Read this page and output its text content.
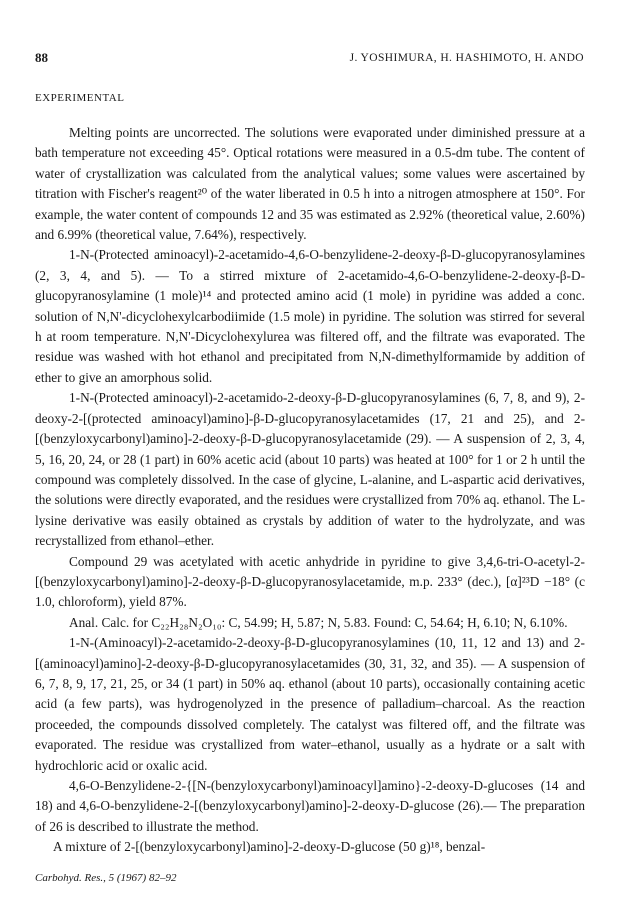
88	J. YOSHIMURA, H. HASHIMOTO, H. ANDO
EXPERIMENTAL

Melting points are uncorrected. The solutions were evaporated under diminished pressure at a bath temperature not exceeding 45°. Optical rotations were measured in a 0.5-dm tube. The content of water of crystallization was calculated from the analytical values; some values were ascertained by titration with Fischer's reagent²⁰ of the water liberated in 0.5 h into a nitrogen atmosphere at 150°. For example, the water content of compounds 12 and 35 was estimated as 2.92% (theoretical value, 2.60%) and 6.99% (theoretical value, 7.64%), respectively.

1-N-(Protected aminoacyl)-2-acetamido-4,6-O-benzylidene-2-deoxy-β-D-glucopyranosylamines (2, 3, 4, and 5). — To a stirred mixture of 2-acetamido-4,6-O-benzylidene-2-deoxy-β-D-glucopyranosylamine (1 mole)¹⁴ and protected amino acid (1 mole) in pyridine was added a conc. solution of N,N'-dicyclohexylcarbodiimide (1.5 mole) in pyridine. The solution was stirred for several h at room temperature. N,N'-Dicyclohexylurea was filtered off, and the filtrate was evaporated. The residue was washed with hot ethanol and precipitated from N,N-dimethylformamide by addition of ether to give an amorphous solid.

1-N-(Protected aminoacyl)-2-acetamido-2-deoxy-β-D-glucopyranosylamines (6, 7, 8, and 9), 2-deoxy-2-[(protected aminoacyl)amino]-β-D-glucopyranosylacetamides (17, 21 and 25), and 2-[(benzyloxycarbonyl)amino]-2-deoxy-β-D-glucopyranosylacetamide (29). — A suspension of 2, 3, 4, 5, 16, 20, 24, or 28 (1 part) in 60% acetic acid (about 10 parts) was heated at 100° for 1 or 2 h until the compound was completely dissolved. In the case of glycine, L-alanine, and L-aspartic acid derivatives, the solutions were directly evaporated, and the residues were crystallized from 70% aq. ethanol. The L-lysine derivative was easily obtained as crystals by addition of water to the hydrolyzate, and was recrystallized from ethanol–ether.

Compound 29 was acetylated with acetic anhydride in pyridine to give 3,4,6-tri-O-acetyl-2-[(benzyloxycarbonyl)amino]-2-deoxy-β-D-glucopyranosylacetamide, m.p. 233° (dec.), [α]²³D −18° (c 1.0, chloroform), yield 87%.

Anal. Calc. for C₂₂H₂₈N₂O₁₀: C, 54.99; H, 5.87; N, 5.83. Found: C, 54.64; H, 6.10; N, 6.10%.

1-N-(Aminoacyl)-2-acetamido-2-deoxy-β-D-glucopyranosylamines (10, 11, 12 and 13) and 2-[(aminoacyl)amino]-2-deoxy-β-D-glucopyranosylacetamides (30, 31, 32, and 35). — A suspension of 6, 7, 8, 9, 17, 21, 25, or 34 (1 part) in 50% aq. ethanol (about 10 parts), occasionally containing acetic acid (a few parts), was hydrogenolyzed in the presence of palladium–charcoal. As the reaction proceeded, the compounds dissolved completely. The catalyst was filtered off, and the filtrate was evaporated. The residue was crystallized from water–ethanol, usually as a hydrate or a salt with hydrochloric acid or oxalic acid.

4,6-O-Benzylidene-2-{[N-(benzyloxycarbonyl)aminoacyl]amino}-2-deoxy-D-glucoses (14 and 18) and 4,6-O-benzylidene-2-[(benzyloxycarbonyl)amino]-2-deoxy-D-glucose (26).— The preparation of 26 is described to illustrate the method.

A mixture of 2-[(benzyloxycarbonyl)amino]-2-deoxy-D-glucose (50 g)¹⁸, benzal-

Carbohyd. Res., 5 (1967) 82–92
